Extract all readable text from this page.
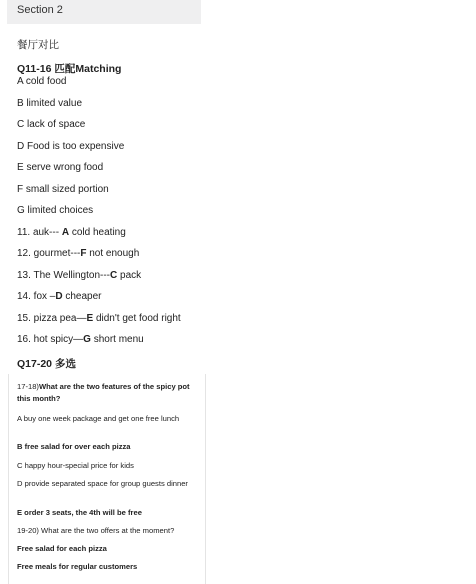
Section 2
餐厅对比
Q11-16 匹配Matching
A cold food
B limited value
C lack of space
D Food is too expensive
E serve wrong food
F small sized portion
G limited choices
11. auk--- A cold heating
12. gourmet---F not enough
13. The Wellington---C pack
14. fox –D cheaper
15. pizza pea—E didn't get food right
16. hot spicy—G short menu
Q17-20 多选
17-18)What are the two features of the spicy pot this month?
A buy one week package and get one free lunch
B free salad for over each pizza
C happy hour-special price for kids
D provide separated space for group guests dinner
E order 3 seats, the 4th will be free
19-20) What are the two offers at the moment?
Free salad for each pizza
Free meals for regular customers
